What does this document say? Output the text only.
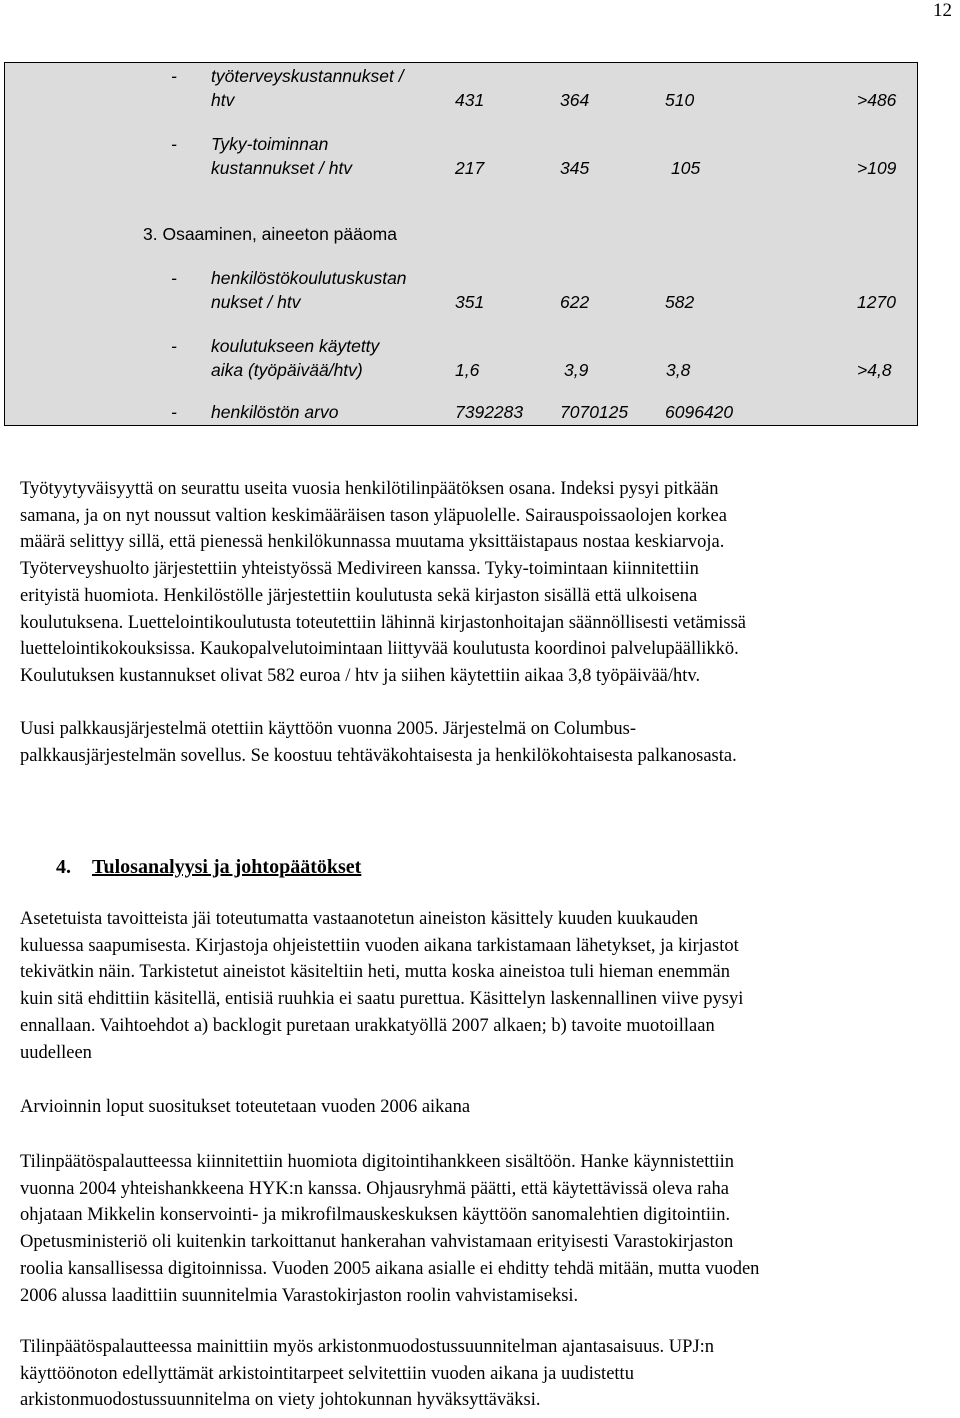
12
- työterveyskustannukset /
htv	431	364	510	>486
- Tyky-toiminnan
kustannukset / htv	217	345	105	>109
3. Osaaminen, aineeton pääoma
- henkilöstökoulutuskustan
nukset / htv	351	622	582	1270
- koulutukseen käytetty
aika (työpäivää/htv)	1,6	3,9	3,8	>4,8
- henkilöstön arvo	7392283 7070125 6096420

Työtyytyväisyyttä on seurattu useita vuosia henkilötilinpäätöksen osana. Indeksi pysyi pitkään
samana, ja on nyt noussut valtion keskimääräisen tason yläpuolelle. Sairauspoissaolojen korkea
määrä selittyy sillä, että pienessä henkilökunnassa muutama yksittäistapaus nostaa keskiarvoja.
Työterveyshuolto järjestettiin yhteistyössä Medivireen kanssa. Tyky-toimintaan kiinnitettiin
erityistä huomiota. Henkilöstölle järjestettiin koulutusta sekä kirjaston sisällä että ulkoisena
koulutuksena. Luettelointikoulutusta toteutettiin lähinnä kirjastonhoitajan säännöllisesti vetämissä
luettelointikokouksissa. Kaukopalvelutoimintaan liittyvää koulutusta koordinoi palvelupäällikkö.
Koulutuksen kustannukset olivat 582 euroa / htv ja siihen käytettiin aikaa 3,8 työpäivää/htv.

Uusi palkkausjärjestelmä otettiin käyttöön vuonna 2005. Järjestelmä on Columbus-
palkkausjärjestelmän sovellus. Se koostuu tehtäväkohtaisesta ja henkilökohtaisesta palkanosasta.

4. Tulosanalyysi ja johtopäätökset

Asetetuista tavoitteista jäi toteutumatta vastaanotetun aineiston käsittely kuuden kuukauden
kuluessa saapumisesta. Kirjastoja ohjeistettiin vuoden aikana tarkistamaan lähetykset, ja kirjastot
tekivätkin näin. Tarkistetut aineistot käsiteltiin heti, mutta koska aineistoa tuli hieman enemmän
kuin sitä ehdittiin käsitellä, entisiä ruuhkia ei saatu purettua. Käsittelyn laskennallinen viive pysyi
ennallaan. Vaihtoehdot a) backlogit puretaan urakkatyöllä 2007 alkaen; b) tavoite muotoillaan
uudelleen

Arvioinnin loput suositukset toteutetaan vuoden 2006 aikana

Tilinpäätöspalautteessa kiinnitettiin huomiota digitointihankkeen sisältöön. Hanke käynnistettiin
vuonna 2004 yhteishankkeena HYK:n kanssa. Ohjausryhmä päätti, että käytettävissä oleva raha
ohjataan Mikkelin konservointi- ja mikrofilmauskeskuksen käyttöön sanomalehtien digitointiin.
Opetusministeriö oli kuitenkin tarkoittanut hankerahan vahvistamaan erityisesti Varastokirjaston
roolia kansallisessa digitoinnissa. Vuoden 2005 aikana asialle ei ehditty tehdä mitään, mutta vuoden
2006 alussa laadittiin suunnitelmia Varastokirjaston roolin vahvistamiseksi.

Tilinpäätöspalautteessa mainittiin myös arkistonmuodostussuunnitelman ajantasaisuus. UPJ:n
käyttöönoton edellyttämät arkistointitarpeet selvitettiin vuoden aikana ja uudistettu
arkistonmuodostussuunnitelma on viety johtokunnan hyväksyttäväksi.
